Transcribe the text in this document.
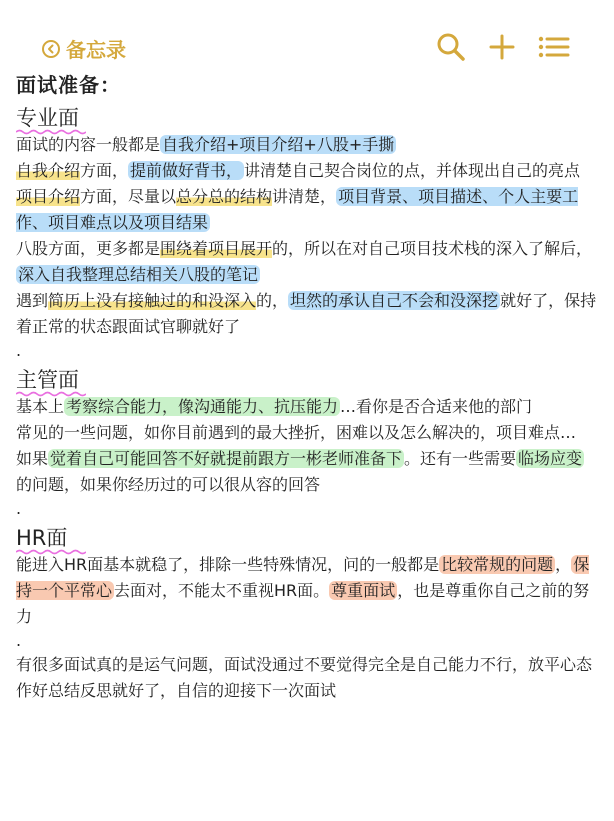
备忘录
面试准备：
专业面
面试的内容一般都是 自我介绍+项目介绍+八股+手撕
自我介绍方面， 提前做好背书， 讲清楚自己契合岗位的点，并体现出自己的亮点
项目介绍方面，尽量以总分总的结构讲清楚， 项目背景、项目描述、个人主要工作、项目难点以及项目结果
八股方面，更多都是围绕着项目展开的，所以在对自己项目技术栈的深入了解后，深入自我整理总结相关八股的笔记
遇到简历上没有接触过的和没深入的， 坦然的承认自己不会和没深挖 就好了，保持着正常的状态跟面试官聊就好了
.
主管面
基本上 考察综合能力，像沟通能力、抗压能力 …看你是否合适来他的部门
常见的一些问题，如你目前遇到的最大挫折，困难以及怎么解决的，项目难点…
如果 觉着自己可能回答不好就提前跟方一彬老师准备下 。还有一些需要 临场应变的问题，如果你经历过的可以很从容的回答
.
HR面
能进入HR面基本就稳了，排除一些特殊情况，问的一般都是 比较常规的问题 ， 保持一个平常心 去面对，不能太不重视HR面。 尊重面试 ，也是尊重你自己之前的努力
.
有很多面试真的是运气问题，面试没通过不要觉得完全是自己能力不行，放平心态作好总结反思就好了，自信的迎接下一次面试
